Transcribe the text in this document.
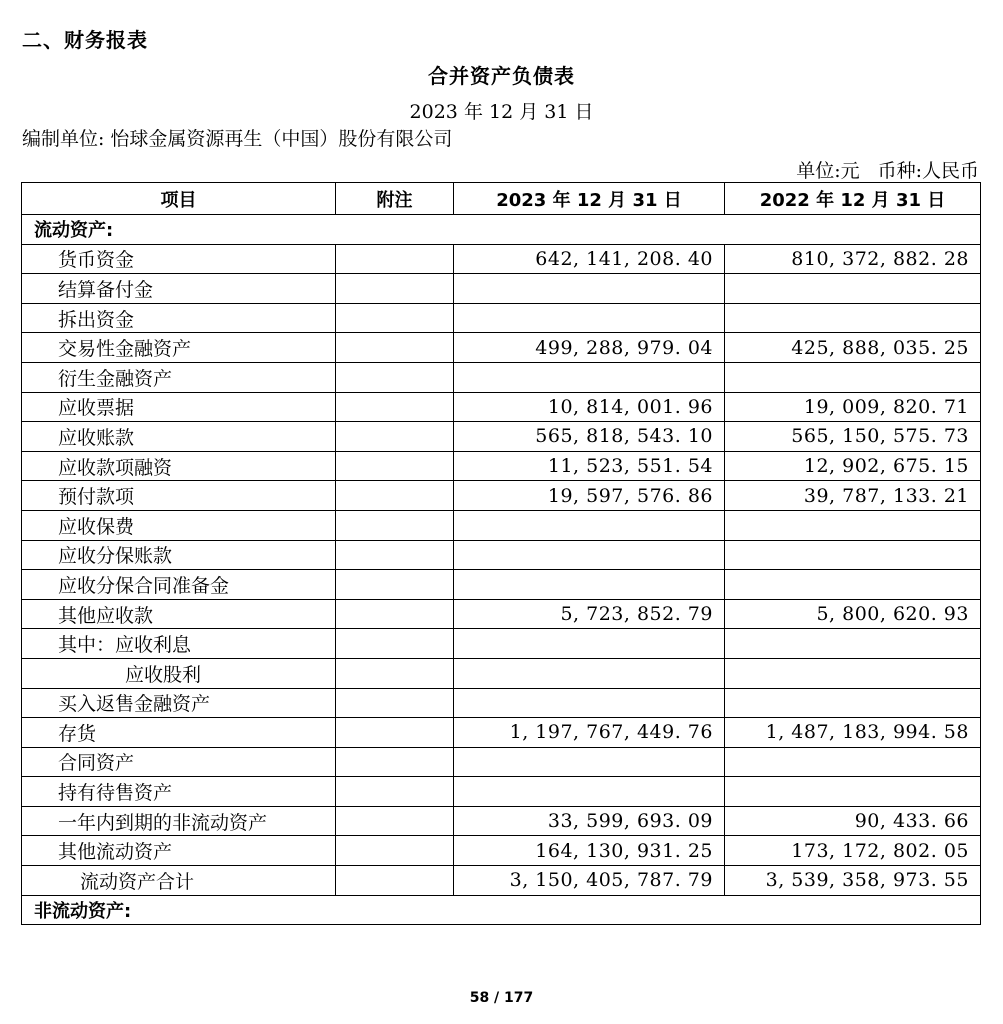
二、财务报表
合并资产负债表
2023 年 12 月 31 日
编制单位: 怡球金属资源再生（中国）股份有限公司
单位:元 币种:人民币
项目	附注	2023 年 12 月 31 日	2022 年 12 月 31 日
流动资产:			
货币资金		642, 141, 208. 40	810, 372, 882. 28
结算备付金			
拆出资金			
交易性金融资产		499, 288, 979. 04	425, 888, 035. 25
衍生金融资产			
应收票据		10, 814, 001. 96	19, 009, 820. 71
应收账款		565, 818, 543. 10	565, 150, 575. 73
应收款项融资		11, 523, 551. 54	12, 902, 675. 15
预付款项		19, 597, 576. 86	39, 787, 133. 21
应收保费			
应收分保账款			
应收分保合同准备金			
其他应收款		5, 723, 852. 79	5, 800, 620. 93
其中：应收利息			
应收股利			
买入返售金融资产			
存货		1, 197, 767, 449. 76	1, 487, 183, 994. 58
合同资产			
持有待售资产			
一年内到期的非流动资产		33, 599, 693. 09	90, 433. 66
其他流动资产		164, 130, 931. 25	173, 172, 802. 05
流动资产合计		3, 150, 405, 787. 79	3, 539, 358, 973. 55
非流动资产:			
58 / 177
